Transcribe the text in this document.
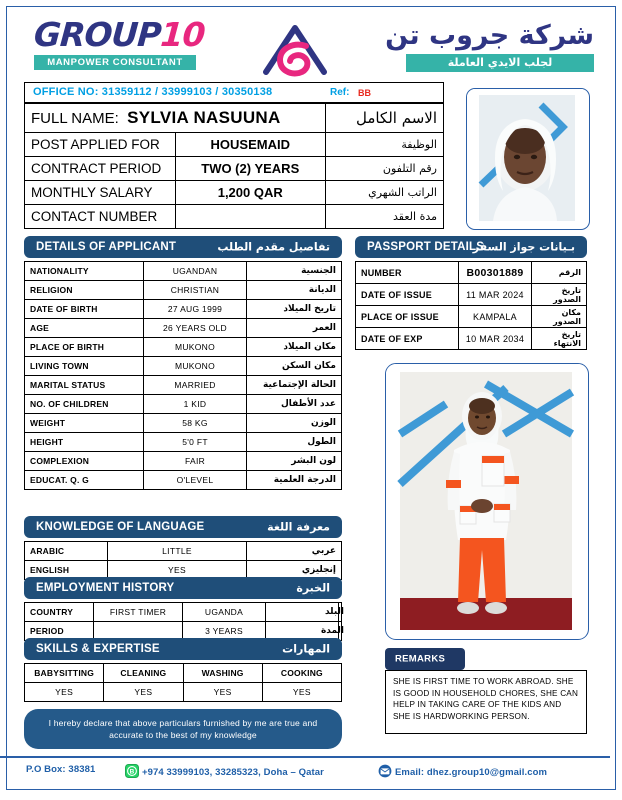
GROUP10
MANPOWER CONSULTANT
شركة جروب تن
لجلب الايدي العاملة
OFFICE NO: 31359112 / 33999103 / 30350138	Ref: BB
FULL NAME: SYLVIA NASUUNA		الاسم الكامل
POST APPLIED FOR	HOUSEMAID	الوظيفة
CONTRACT PERIOD	TWO (2) YEARS	رقم التلفون
MONTHLY SALARY	1,200 QAR	الراتب الشهري
CONTACT NUMBER		مدة العقد
DETAILS OF APPLICANT	تفاصيل مقدم الطلب
NATIONALITY	UGANDAN	الجنسية
RELIGION	CHRISTIAN	الديانة
DATE OF BIRTH	27 AUG 1999	تاريخ الميلاد
AGE	26 YEARS OLD	العمر
PLACE OF BIRTH	MUKONO	مكان الميلاد
LIVING TOWN	MUKONO	مكان السكن
MARITAL STATUS	MARRIED	الحالة الإجتماعية
NO. OF CHILDREN	1 KID	عدد الأطفال
WEIGHT	58 KG	الوزن
HEIGHT	5'0 FT	الطول
COMPLEXION	FAIR	لون البشر
EDUCAT. Q. G	O'LEVEL	الدرجة العلمية
PASSPORT DETAILS
بـيانات جواز السفر
NUMBER	B00301889	الرقم
DATE OF ISSUE	11 MAR 2024	تاريخ الصدور
PLACE OF ISSUE	KAMPALA	مكان الصدور
DATE OF EXP	10 MAR 2034	تاريخ الانتهاء
KNOWLEDGE OF LANGUAGE	معرفة اللغة
ARABIC	LITTLE	عربي
ENGLISH	YES	إنجليزي
EMPLOYMENT HISTORY	الخبرة
COUNTRY	FIRST TIMER	UGANDA		البلد
PERIOD		3 YEARS		المدة
SKILLS & EXPERTISE	المهارات
BABYSITTING	CLEANING	WASHING	COOKING
YES	YES	YES	YES
REMARKS
SHE IS FIRST TIME TO WORK ABROAD. SHE IS GOOD IN HOUSEHOLD CHORES, SHE CAN HELP IN TAKING CARE OF THE KIDS AND SHE IS HARDWORKING PERSON.
I hereby declare that above particulars furnished by me are true and accurate to the best of my knowledge
P.O Box: 38381	B +974 33999103, 33285323, Doha – Qatar	Email: dhez.group10@gmail.com
